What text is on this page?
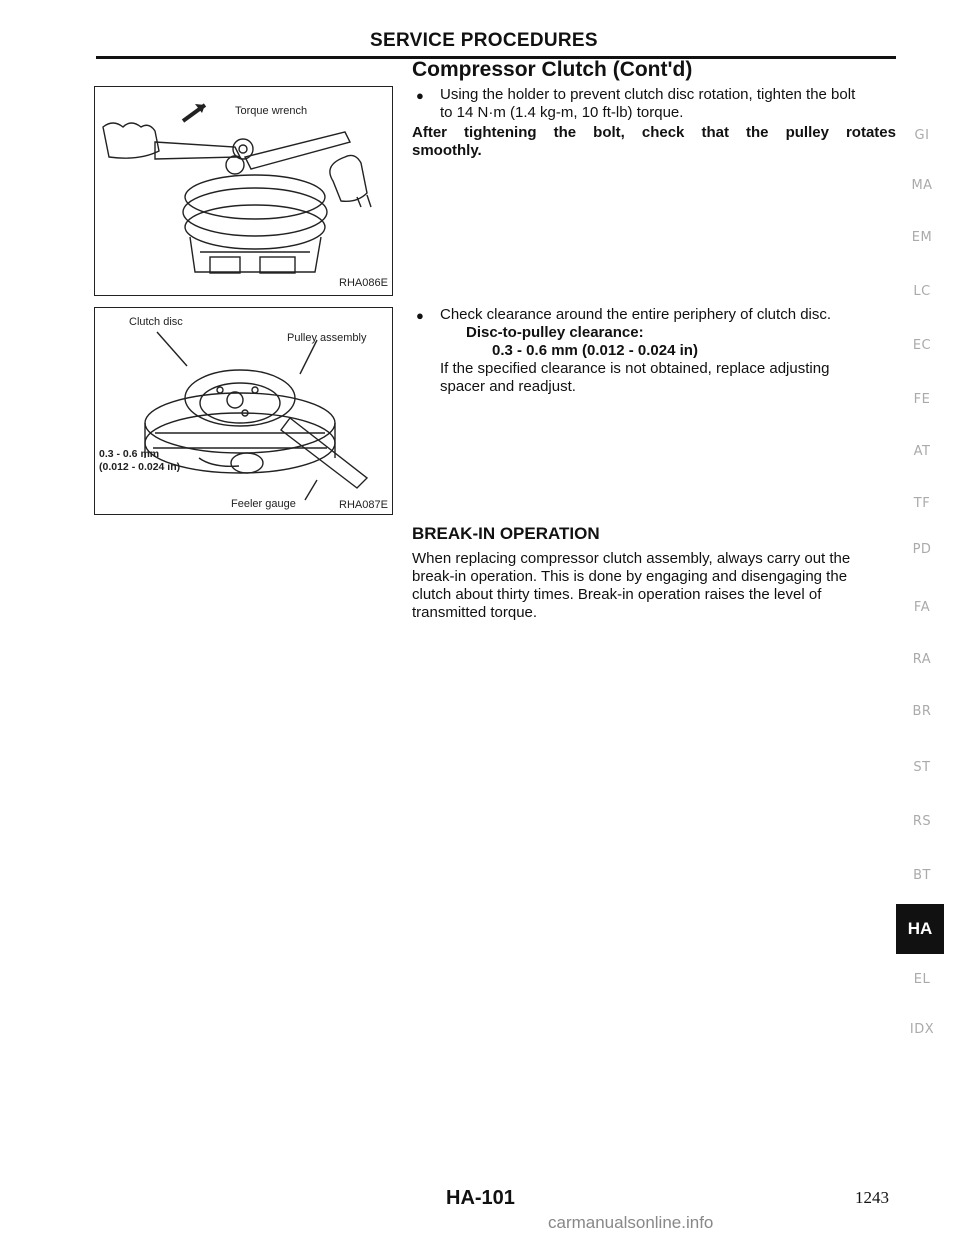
SERVICE PROCEDURES
Compressor Clutch (Cont'd)
Torque wrench
RHA086E
Clutch disc
Pulley assembly
0.3 - 0.6 mm
(0.012 - 0.024 in)
Feeler gauge	RHA087E
● Using the holder to prevent clutch disc rotation, tighten the bolt
to 14 N·m (1.4 kg-m, 10 ft-lb) torque.
After tightening the bolt, check that the pulley rotates
smoothly.
● Check clearance around the entire periphery of clutch disc.
Disc-to-pulley clearance:
0.3 - 0.6 mm (0.012 - 0.024 in)
If the specified clearance is not obtained, replace adjusting
spacer and readjust.
BREAK-IN OPERATION
When replacing compressor clutch assembly, always carry out the
break-in operation. This is done by engaging and disengaging the
clutch about thirty times. Break-in operation raises the level of
transmitted torque.
GI
MA
EM
LC
EC
FE
AT
TF
PD
FA
RA
BR
ST
RS
BT
HA
EL
IDX
HA-101	1243
carmanualsonline.info
